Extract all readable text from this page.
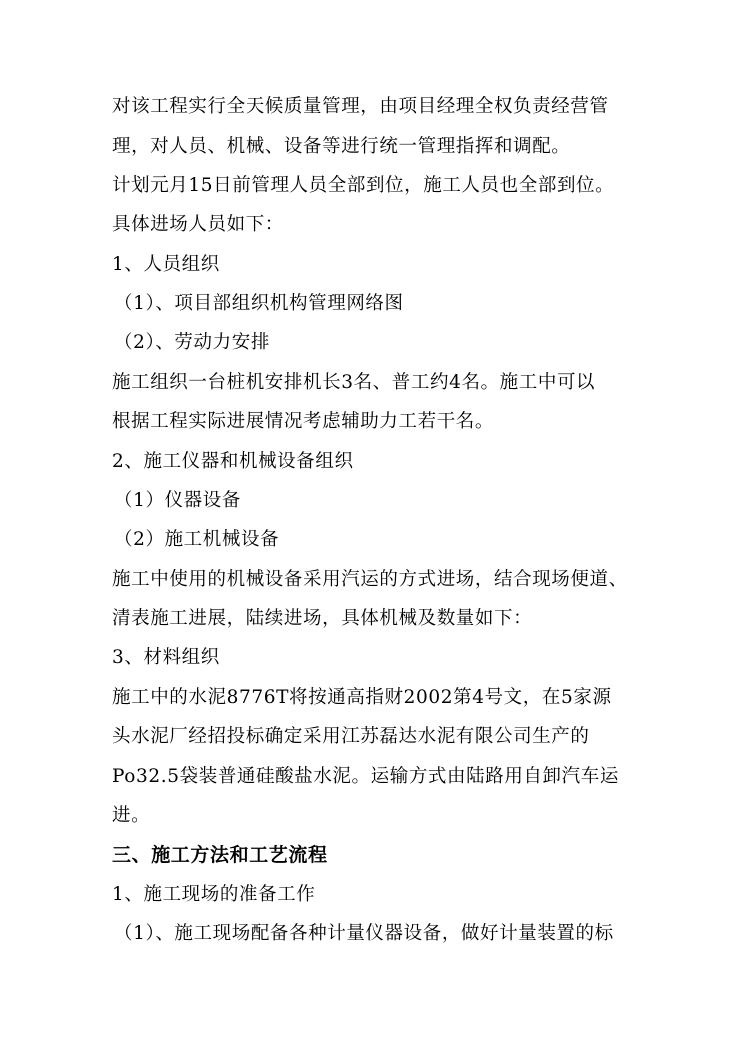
对该工程实行全天候质量管理，由项目经理全权负责经营管
理，对人员、机械、设备等进行统一管理指挥和调配。
计划元月15日前管理人员全部到位，施工人员也全部到位。
具体进场人员如下：
1、人员组织
（1）、项目部组织机构管理网络图
（2）、劳动力安排
施工组织一台桩机安排机长3名、普工约4名。施工中可以
根据工程实际进展情况考虑辅助力工若干名。
2、施工仪器和机械设备组织
（1）仪器设备
（2）施工机械设备
施工中使用的机械设备采用汽运的方式进场，结合现场便道、
清表施工进展，陆续进场，具体机械及数量如下：
3、材料组织
施工中的水泥8776T将按通高指财2002第4号文，在5家源
头水泥厂经招投标确定采用江苏磊达水泥有限公司生产的
Po32.5袋装普通硅酸盐水泥。运输方式由陆路用自卸汽车运
进。
三、施工方法和工艺流程
1、施工现场的准备工作
（1）、施工现场配备各种计量仪器设备，做好计量装置的标
